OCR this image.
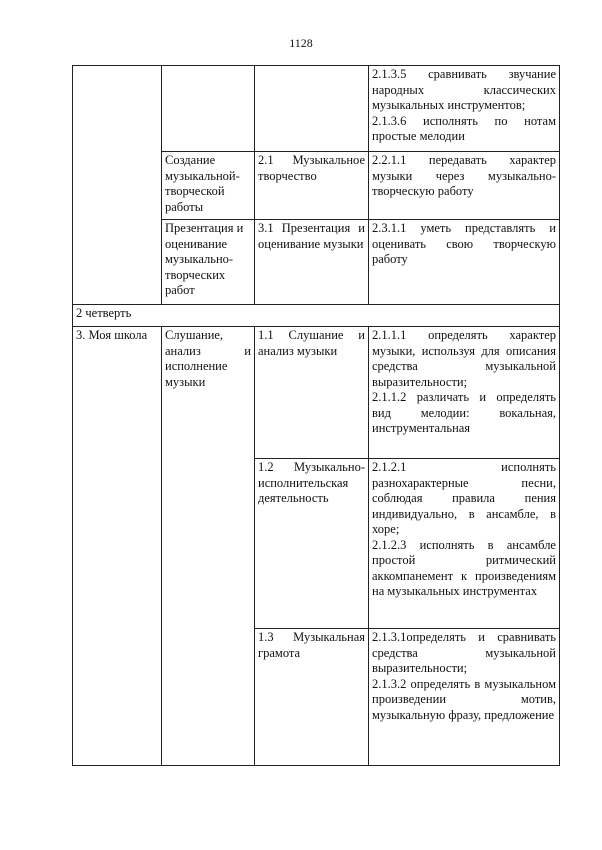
1128

			2.1.3.5 сравнивать звучание народных классических музыкальных инструментов;
2.1.3.6 исполнять по нотам простые мелодии

	Создание музыкальной-творческой работы	2.1 Музыкальное творчество	2.2.1.1 передавать характер музыки через музыкально-творческую работу

	Презентация и оценивание музыкально-творческих работ	3.1 Презентация и оценивание музыки	2.3.1.1 уметь представлять и оценивать свою творческую работу

2 четверть			
3. Моя школа	Слушание, анализ и исполнение музыки	1.1 Слушание и анализ музыки	2.1.1.1 определять характер музыки, используя для описания средства музыкальной выразительности;
2.1.1.2 различать и определять вид мелодии: вокальная, инструментальная

		1.2 Музыкально-исполнительская деятельность	2.1.2.1 исполнять разнохарактерные песни, соблюдая правила пения индивидуально, в ансамбле, в хоре;
2.1.2.3 исполнять в ансамбле простой ритмический аккомпанемент к произведениям на музыкальных инструментах

		1.3 Музыкальная грамота	2.1.3.1определять и сравнивать средства музыкальной выразительности;
2.1.3.2 определять в музыкальном произведении мотив, музыкальную фразу, предложение
